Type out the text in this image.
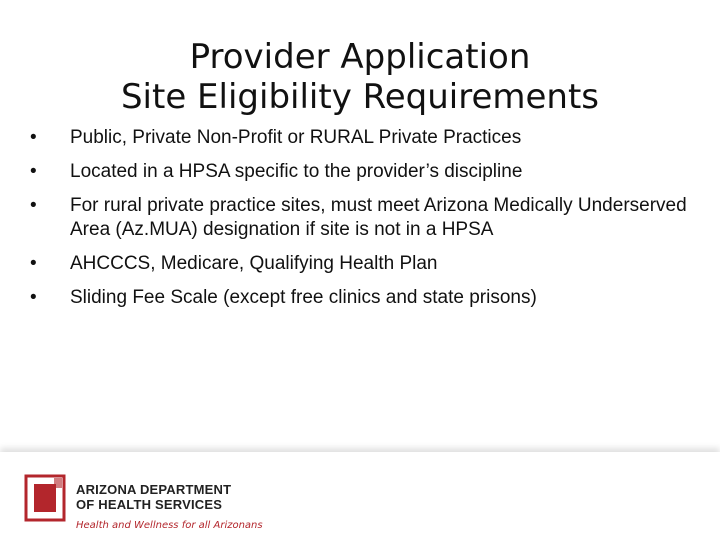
Provider Application
Site Eligibility Requirements
•	Public, Private Non-Profit or RURAL Private Practices
•	Located in a HPSA specific to the provider’s discipline
•	For rural private practice sites, must meet Arizona Medically Underserved Area (Az.MUA) designation if site is not in a HPSA
•	AHCCCS, Medicare, Qualifying Health Plan
•	Sliding Fee Scale (except free clinics and state prisons)
ARIZONA DEPARTMENT
OF HEALTH SERVICES
Health and Wellness for all Arizonans
